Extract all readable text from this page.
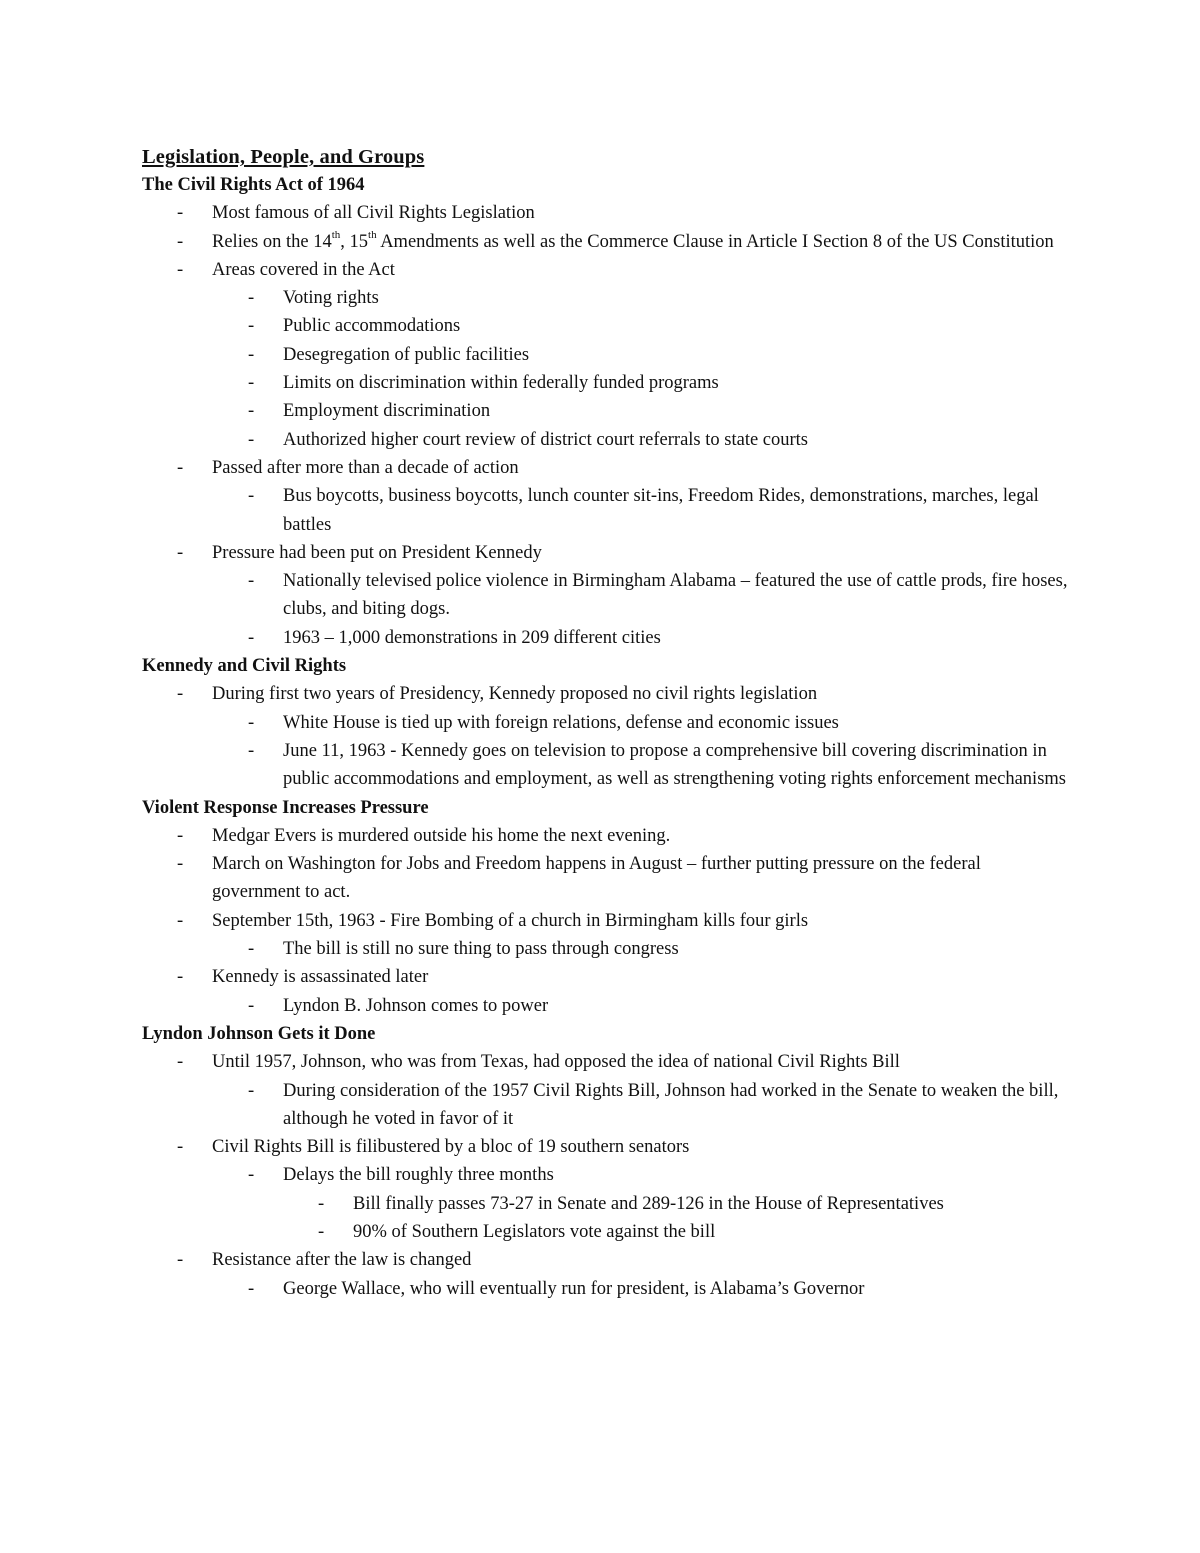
Legislation, People, and Groups
The Civil Rights Act of 1964
- Most famous of all Civil Rights Legislation
- Relies on the 14th, 15th Amendments as well as the Commerce Clause in Article I Section 8 of the US Constitution
- Areas covered in the Act
- Voting rights
- Public accommodations
- Desegregation of public facilities
- Limits on discrimination within federally funded programs
- Employment discrimination
- Authorized higher court review of district court referrals to state courts
- Passed after more than a decade of action
- Bus boycotts, business boycotts, lunch counter sit-ins, Freedom Rides, demonstrations, marches, legal battles
- Pressure had been put on President Kennedy
- Nationally televised police violence in Birmingham Alabama – featured the use of cattle prods, fire hoses, clubs, and biting dogs.
- 1963 – 1,000 demonstrations in 209 different cities
Kennedy and Civil Rights
- During first two years of Presidency, Kennedy proposed no civil rights legislation
- White House is tied up with foreign relations, defense and economic issues
- June 11, 1963 - Kennedy goes on television to propose a comprehensive bill covering discrimination in public accommodations and employment, as well as strengthening voting rights enforcement mechanisms
Violent Response Increases Pressure
- Medgar Evers is murdered outside his home the next evening.
- March on Washington for Jobs and Freedom happens in August – further putting pressure on the federal government to act.
- September 15th, 1963 - Fire Bombing of a church in Birmingham kills four girls
- The bill is still no sure thing to pass through congress
- Kennedy is assassinated later
- Lyndon B. Johnson comes to power
Lyndon Johnson Gets it Done
- Until 1957, Johnson, who was from Texas, had opposed the idea of national Civil Rights Bill
- During consideration of the 1957 Civil Rights Bill, Johnson had worked in the Senate to weaken the bill, although he voted in favor of it
- Civil Rights Bill is filibustered by a bloc of 19 southern senators
- Delays the bill roughly three months
- Bill finally passes 73-27 in Senate and 289-126 in the House of Representatives
- 90% of Southern Legislators vote against the bill
- Resistance after the law is changed
- George Wallace, who will eventually run for president, is Alabama’s Governor
